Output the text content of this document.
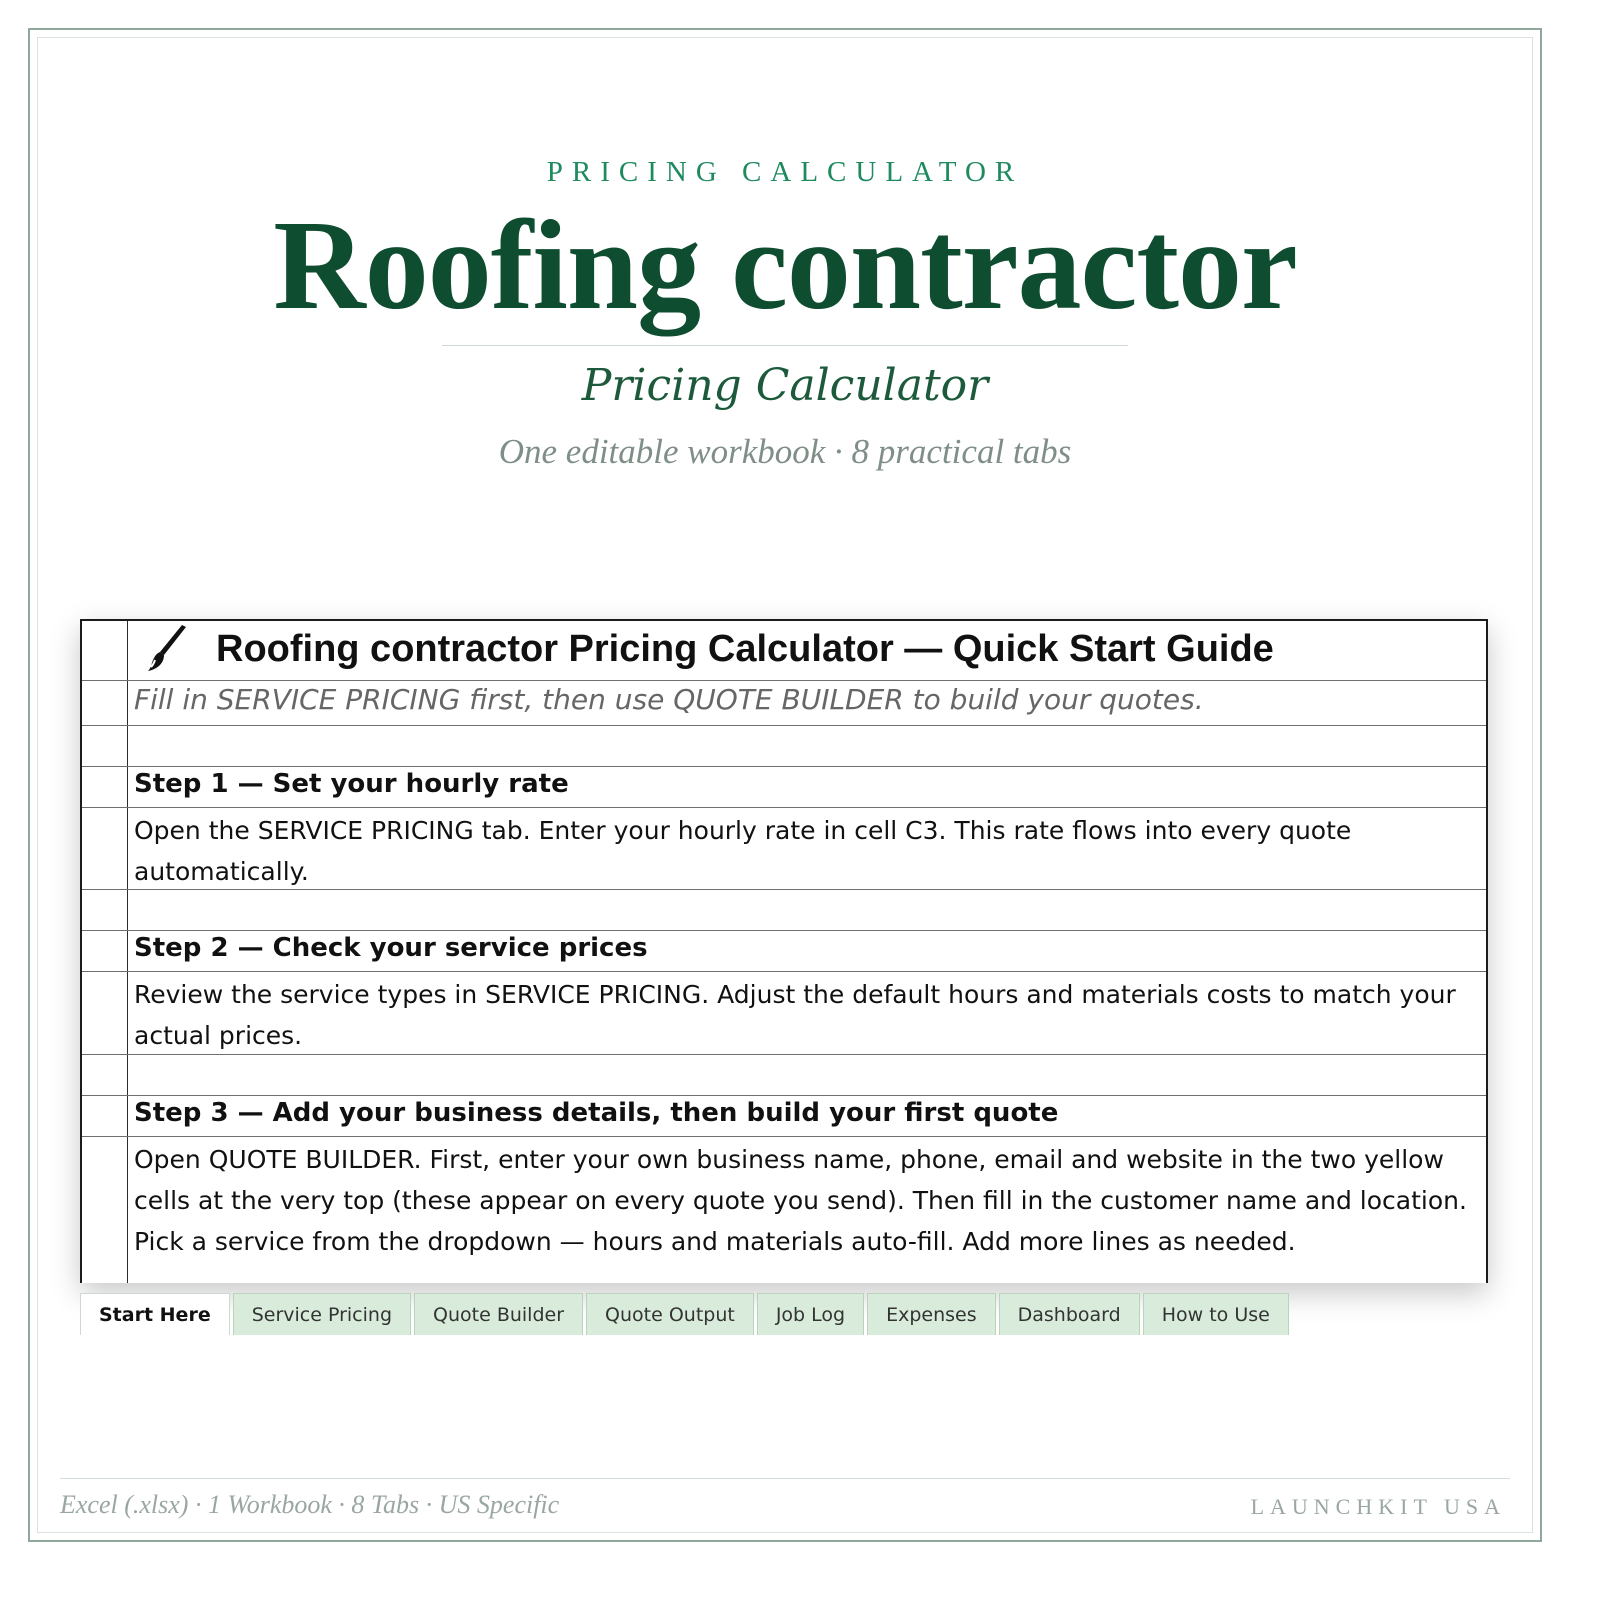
PRICING CALCULATOR
Roofing contractor
Pricing Calculator
One editable workbook · 8 practical tabs
Roofing contractor Pricing Calculator — Quick Start Guide
Fill in SERVICE PRICING first, then use QUOTE BUILDER to build your quotes.
Step 1 — Set your hourly rate
Open the SERVICE PRICING tab. Enter your hourly rate in cell C3. This rate flows into every quote automatically.
Step 2 — Check your service prices
Review the service types in SERVICE PRICING. Adjust the default hours and materials costs to match your actual prices.
Step 3 — Add your business details, then build your first quote
Open QUOTE BUILDER. First, enter your own business name, phone, email and website in the two yellow cells at the very top (these appear on every quote you send). Then fill in the customer name and location. Pick a service from the dropdown — hours and materials auto-fill. Add more lines as needed.
Start Here	Service Pricing	Quote Builder	Quote Output	Job Log	Expenses	Dashboard	How to Use
Excel (.xlsx) · 1 Workbook · 8 Tabs · US Specific	LAUNCHKIT USA
